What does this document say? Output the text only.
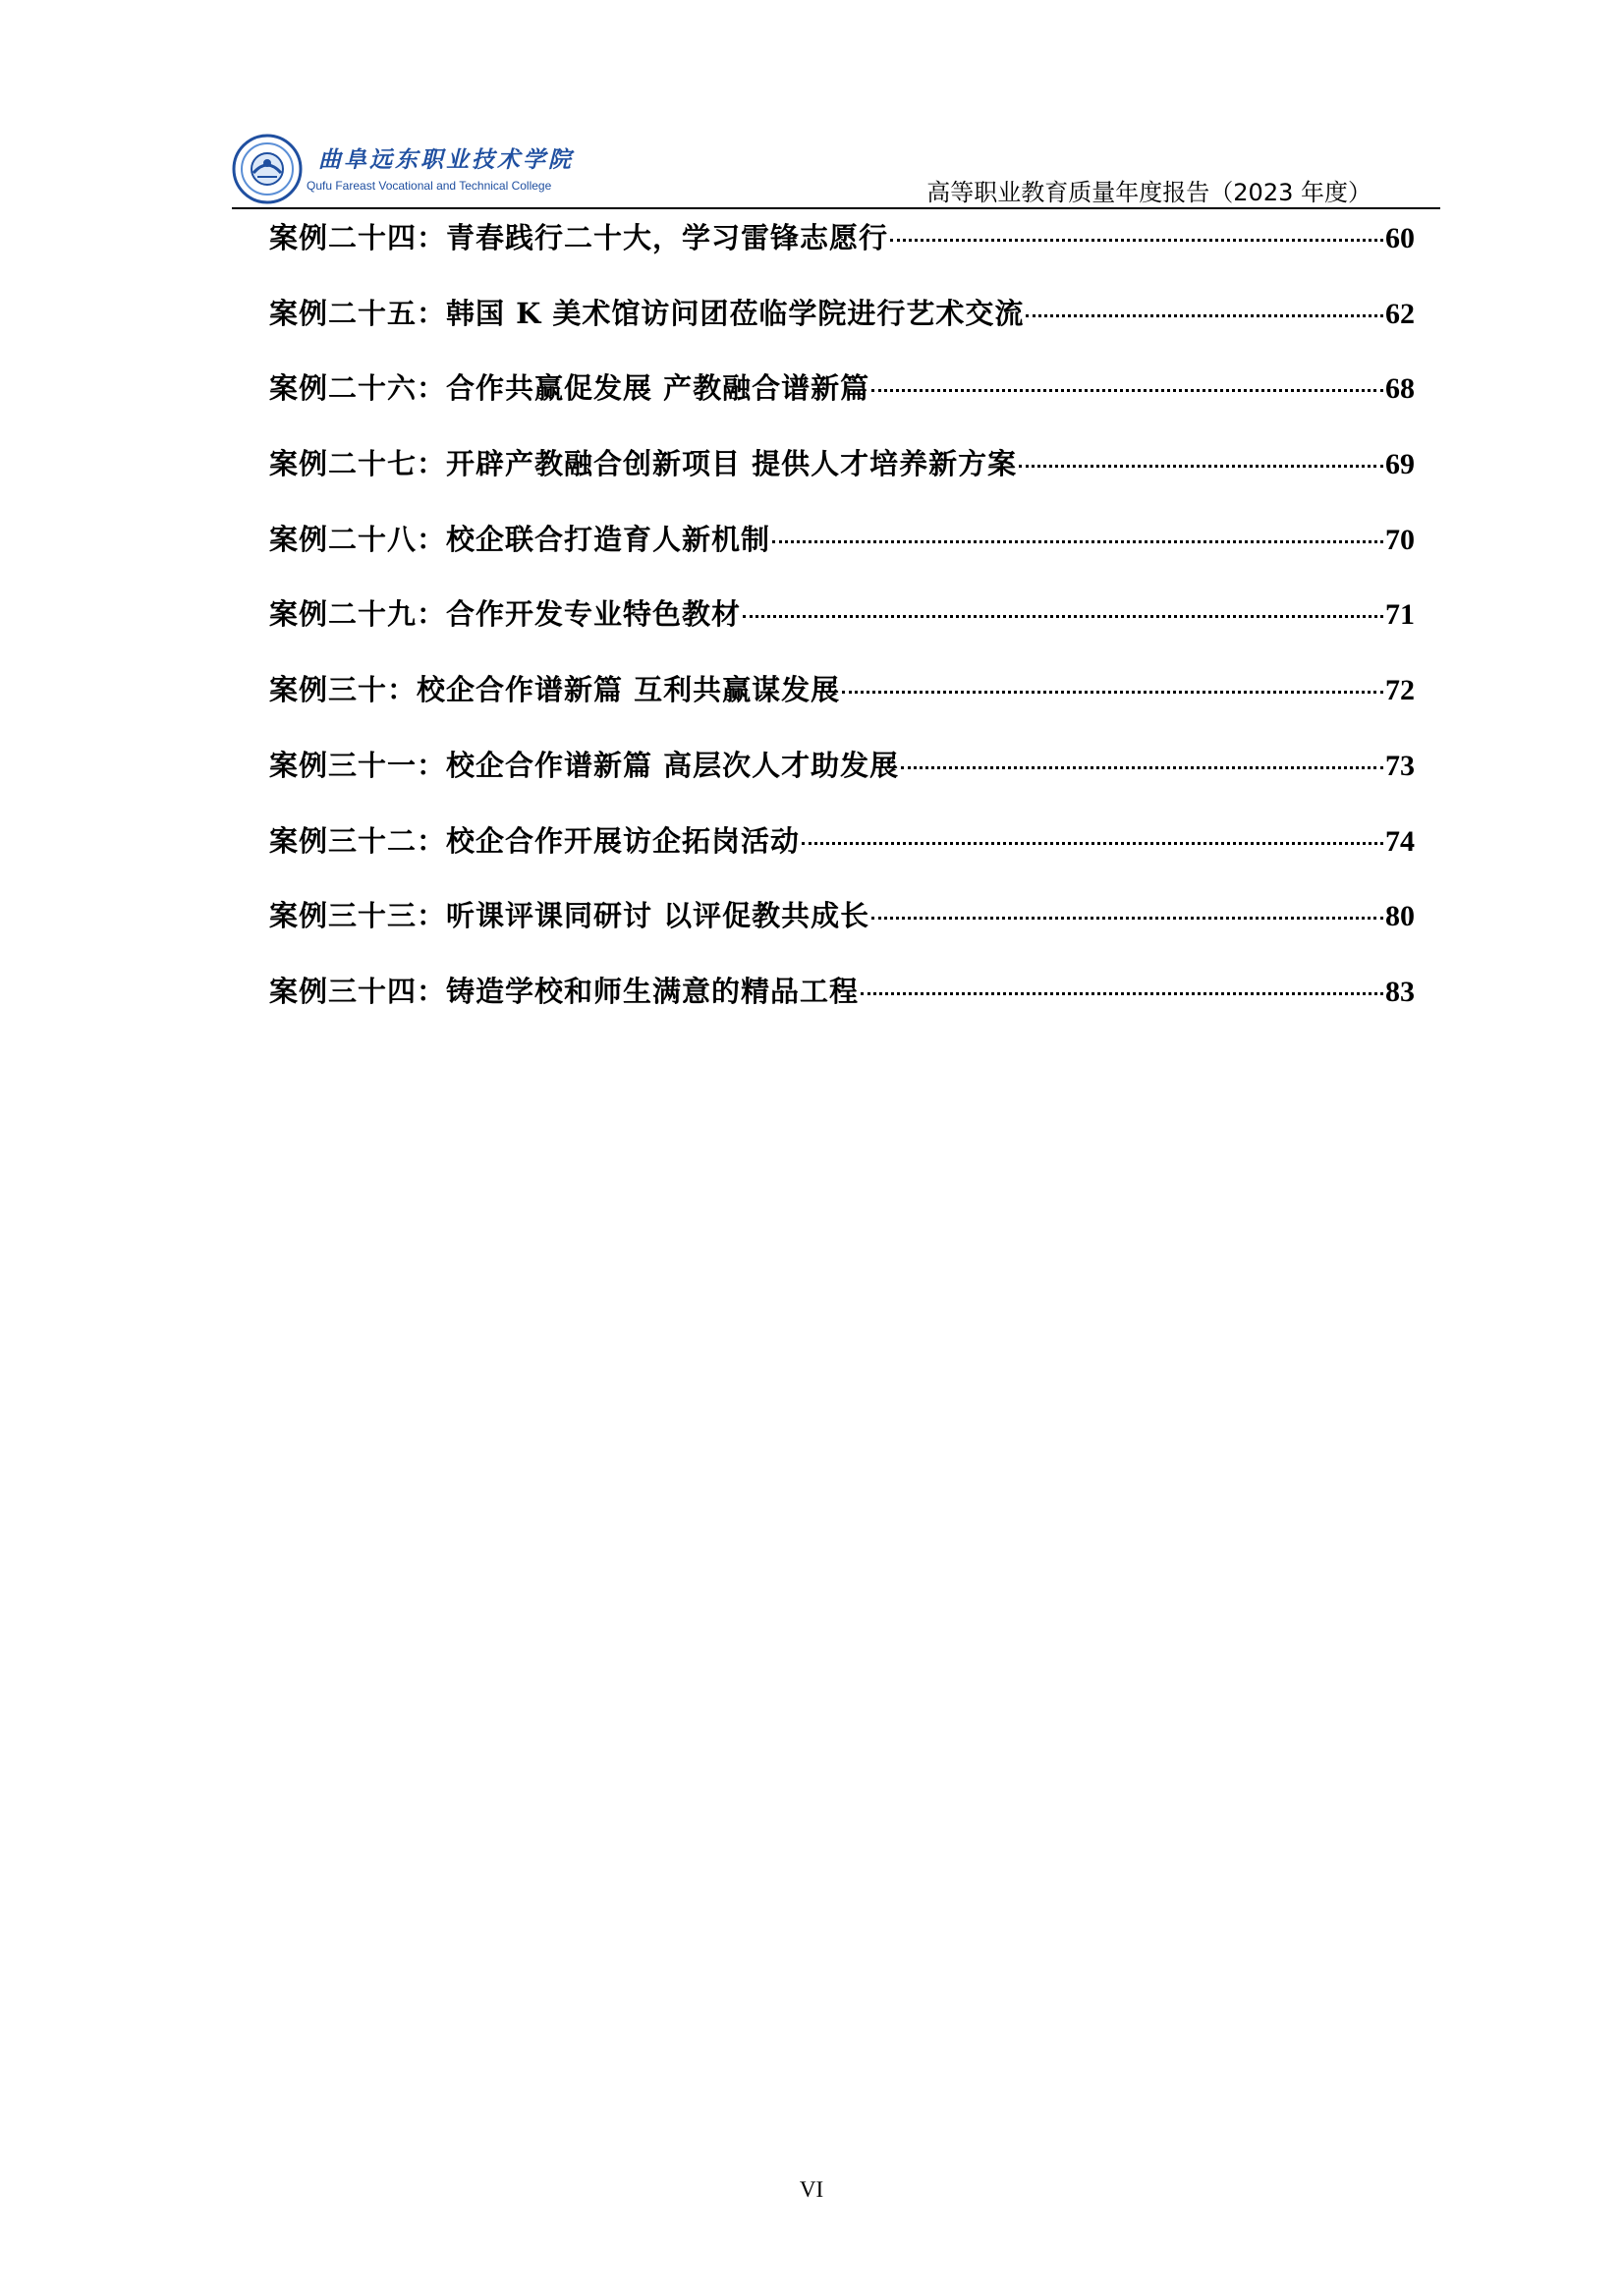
曲阜远东职业技术学院
Qufu Fareast Vocational and Technical College	高等职业教育质量年度报告（2023 年度）
案例二十四：青春践行二十大，学习雷锋志愿行	60
案例二十五：韩国 K 美术馆访问团莅临学院进行艺术交流	62
案例二十六：合作共赢促发展 产教融合谱新篇	68
案例二十七：开辟产教融合创新项目 提供人才培养新方案	69
案例二十八：校企联合打造育人新机制	70
案例二十九：合作开发专业特色教材	71
案例三十：校企合作谱新篇 互利共赢谋发展	72
案例三十一：校企合作谱新篇 高层次人才助发展	73
案例三十二：校企合作开展访企拓岗活动	74
案例三十三：听课评课同研讨 以评促教共成长	80
案例三十四：铸造学校和师生满意的精品工程	83
VI
